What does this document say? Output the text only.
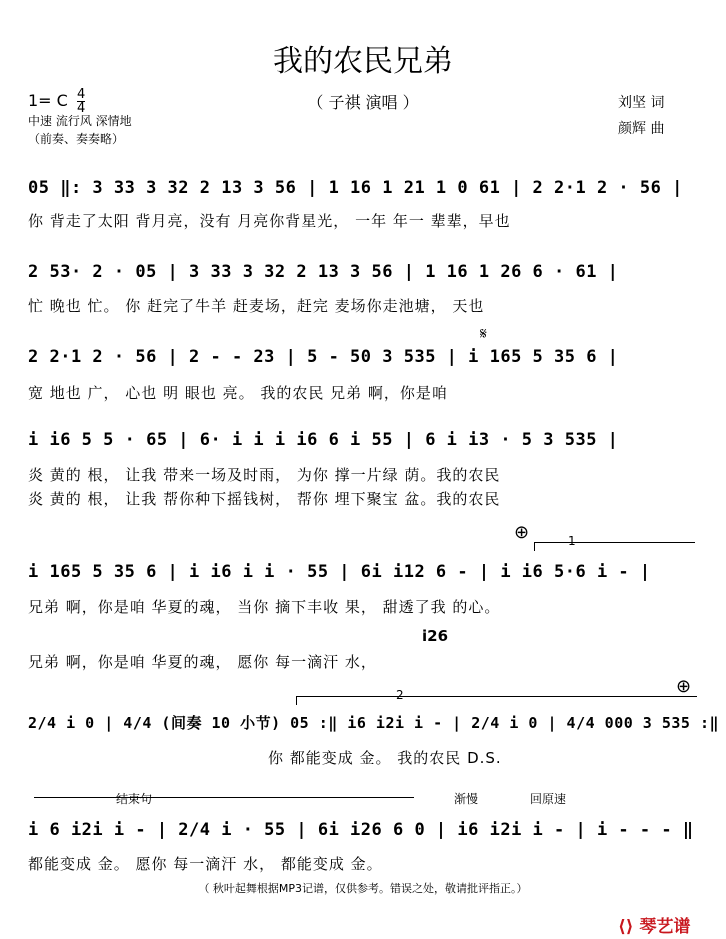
我的农民兄弟
（ 子祺 演唱 ）
1= C $\frac{4}{4}$
中速 流行风 深情地
（前奏、奏奏略）
刘坚 词
颜辉 曲
05 ‖: 3 33 3 32 2 13 3 56 | 1 16 1 21 1 0 61 | 2 2·1 2 · 56 |
你 背走了太阳 背月亮，没有 月亮你背星光， 一年 年一 辈辈，早也
2 53· 2 · 05 | 3 33 3 32 2 13 3 56 | 1 16 1 26 6 · 61 |
忙 晚也 忙。 你 赶完了牛羊 赶麦场，赶完 麦场你走池塘， 天也
𝄋
2 2·1 2 · 56 | 2 - - 23 | 5 - 50 3 535 | i 165 5 35 6 |
宽 地也 广， 心也 明 眼也 亮。 我的农民 兄弟 啊，你是咱
i i6 5 5 · 65 | 6· i i i i6 6 i 55 | 6 i i3 · 5 3 535 |
炎 黄的 根， 让我 带来一场及时雨， 为你 撑一片绿 荫。我的农民
炎 黄的 根， 让我 帮你种下摇钱树， 帮你 埋下聚宝 盆。我的农民
⊕	1
i 165 5 35 6 | i i6 i i · 55 | 6i i12 6 - | i i6 5·6 i - |
兄弟 啊，你是咱 华夏的魂， 当你 摘下丰收 果， 甜透了我 的心。
i26
兄弟 啊，你是咱 华夏的魂， 愿你 每一滴汗 水，
⊕
2
2/4 i 0 | 4/4 (间奏 10 小节) 05 :‖ i6 i2i i - | 2/4 i 0 | 4/4 000 3 535 :‖
你 都能变成 金。 我的农民 D.S.
结束句	渐慢	回原速
i 6 i2i i - | 2/4 i · 55 | 6i i26 6 0 | i6 i2i i - | i - - - ‖
都能变成 金。 愿你 每一滴汗 水， 都能变成 金。
（ 秋叶起舞根据MP3记谱，仅供参考。错误之处，敬请批评指正。）
⟨⟩ 琴艺谱
